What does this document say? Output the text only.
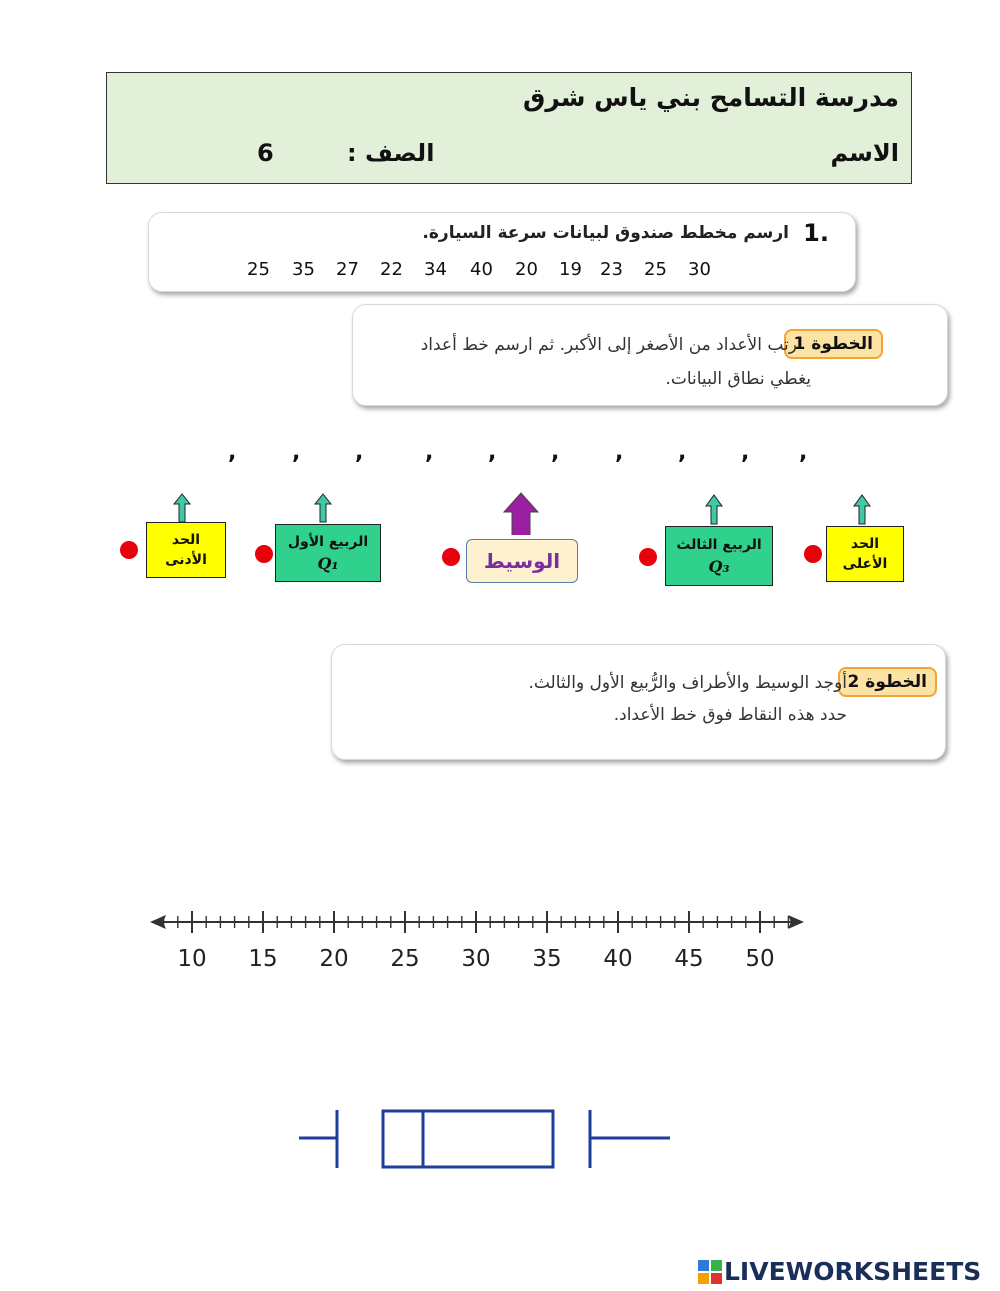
مدرسة التسامح بني ياس شرق
الاسم
الصف :
6
1.
ارسم مخطط صندوق لبيانات سرعة السيارة.
25 35 27 22 34 40 20 19 23 25 30
الخطوة 1
رتب الأعداد من الأصغر إلى الأكبر. ثم ارسم خط أعداد
يغطي نطاق البيانات.
,	, ,	, , ,	, , , ,
الحد
الأدنى
الربيع الأول
Q₁	الوسيط
الربيع الثالث
Q₃
الحد
الأعلى
الخطوة 2
أوجد الوسيط والأطراف والرُّبيع الأول والثالث.
حدد هذه النقاط فوق خط الأعداد.
10	15	20	25	30	35	40	45	50
LIVEWORKSHEETS
